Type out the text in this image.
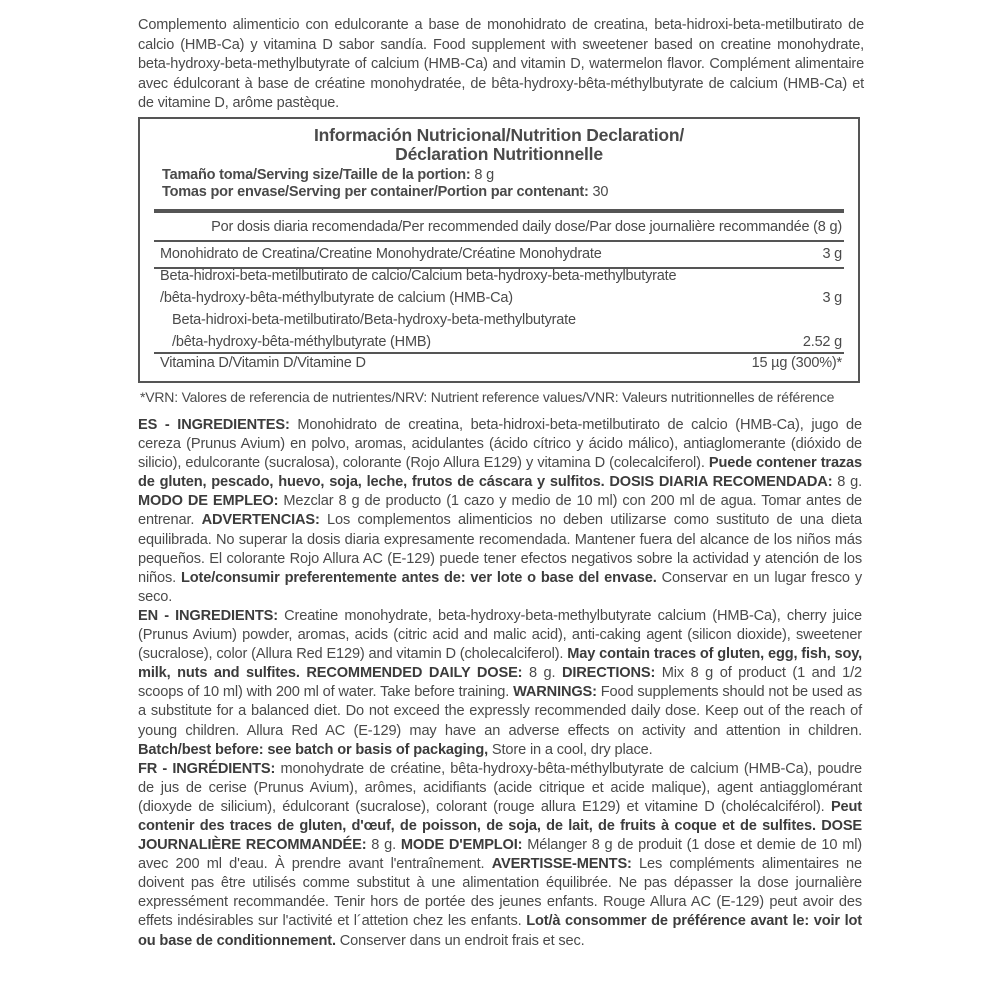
Complemento alimenticio con edulcorante a base de monohidrato de creatina, beta-hidroxi-beta-metilbutirato de calcio (HMB-Ca) y vitamina D sabor sandía. Food supplement with sweetener based on creatine monohydrate, beta-hydroxy-beta-methylbutyrate of calcium (HMB-Ca) and vitamin D, watermelon flavor. Complément alimentaire avec édulcorant à base de créatine monohydratée, de bêta-hydroxy-bêta-méthylbutyrate de calcium (HMB-Ca) et de vitamine D, arôme pastèque.
Información Nutricional/Nutrition Declaration/
Déclaration Nutritionnelle
Tamaño toma/Serving size/Taille de la portion: 8 g
Tomas por envase/Serving per container/Portion par contenant: 30
Por dosis diaria recomendada/Per recommended daily dose/Par dose journalière recommandée (8 g)
Monohidrato de Creatina/Creatine Monohydrate/Créatine Monohydrate	3 g
Beta-hidroxi-beta-metilbutirato de calcio/Calcium beta-hydroxy-beta-methylbutyrate
/bêta-hydroxy-bêta-méthylbutyrate de calcium (HMB-Ca)	3 g
Beta-hidroxi-beta-metilbutirato/Beta-hydroxy-beta-methylbutyrate
/bêta-hydroxy-bêta-méthylbutyrate (HMB)	2.52 g
Vitamina D/Vitamin D/Vitamine D	15 µg (300%)*
*VRN: Valores de referencia de nutrientes/NRV: Nutrient reference values/VNR: Valeurs nutritionnelles de référence

ES - INGREDIENTES: Monohidrato de creatina, beta-hidroxi-beta-metilbutirato de calcio (HMB-Ca), jugo de cereza (Prunus Avium) en polvo, aromas, acidulantes (ácido cítrico y ácido málico), antiaglomerante (dióxido de silicio), edulcorante (sucralosa), colorante (Rojo Allura E129) y vitamina D (colecalciferol). Puede contener trazas de gluten, pescado, huevo, soja, leche, frutos de cáscara y sulfitos. DOSIS DIARIA RECOMENDADA: 8 g. MODO DE EMPLEO: Mezclar 8 g de producto (1 cazo y medio de 10 ml) con 200 ml de agua. Tomar antes de entrenar. ADVERTENCIAS: Los complementos alimenticios no deben utilizarse como sustituto de una dieta equilibrada. No superar la dosis diaria expresamente recomendada. Mantener fuera del alcance de los niños más pequeños. El colorante Rojo Allura AC (E-129) puede tener efectos negativos sobre la actividad y atención de los niños. Lote/consumir preferentemente antes de: ver lote o base del envase. Conservar en un lugar fresco y seco.

EN - INGREDIENTS: Creatine monohydrate, beta-hydroxy-beta-methylbutyrate calcium (HMB-Ca), cherry juice (Prunus Avium) powder, aromas, acids (citric acid and malic acid), anti-caking agent (silicon dioxide), sweetener (sucralose), color (Allura Red E129) and vitamin D (cholecalciferol). May contain traces of gluten, egg, fish, soy, milk, nuts and sulfites. RECOMMENDED DAILY DOSE: 8 g. DIRECTIONS: Mix 8 g of product (1 and 1/2 scoops of 10 ml) with 200 ml of water. Take before training. WARNINGS: Food supplements should not be used as a substitute for a balanced diet. Do not exceed the expressly recommended daily dose. Keep out of the reach of young children. Allura Red AC (E-129) may have an adverse effects on activity and attention in children. Batch/best before: see batch or basis of packaging, Store in a cool, dry place.

FR - INGRÉDIENTS: monohydrate de créatine, bêta-hydroxy-bêta-méthylbutyrate de calcium (HMB-Ca), poudre de jus de cerise (Prunus Avium), arômes, acidifiants (acide citrique et acide malique), agent antiagglomérant (dioxyde de silicium), édulcorant (sucralose), colorant (rouge allura E129) et vitamine D (cholécalciférol). Peut contenir des traces de gluten, d'œuf, de poisson, de soja, de lait, de fruits à coque et de sulfites. DOSE JOURNALIÈRE RECOMMANDÉE: 8 g. MODE D'EMPLOI: Mélanger 8 g de produit (1 dose et demie de 10 ml) avec 200 ml d'eau. À prendre avant l'entraînement. AVERTISSE-MENTS: Les compléments alimentaires ne doivent pas être utilisés comme substitut à une alimentation équilibrée. Ne pas dépasser la dose journalière expressément recommandée. Tenir hors de portée des jeunes enfants. Rouge Allura AC (E-129) peut avoir des effets indésirables sur l'activité et l´attetion chez les enfants. Lot/à consommer de préférence avant le: voir lot ou base de conditionnement. Conserver dans un endroit frais et sec.
